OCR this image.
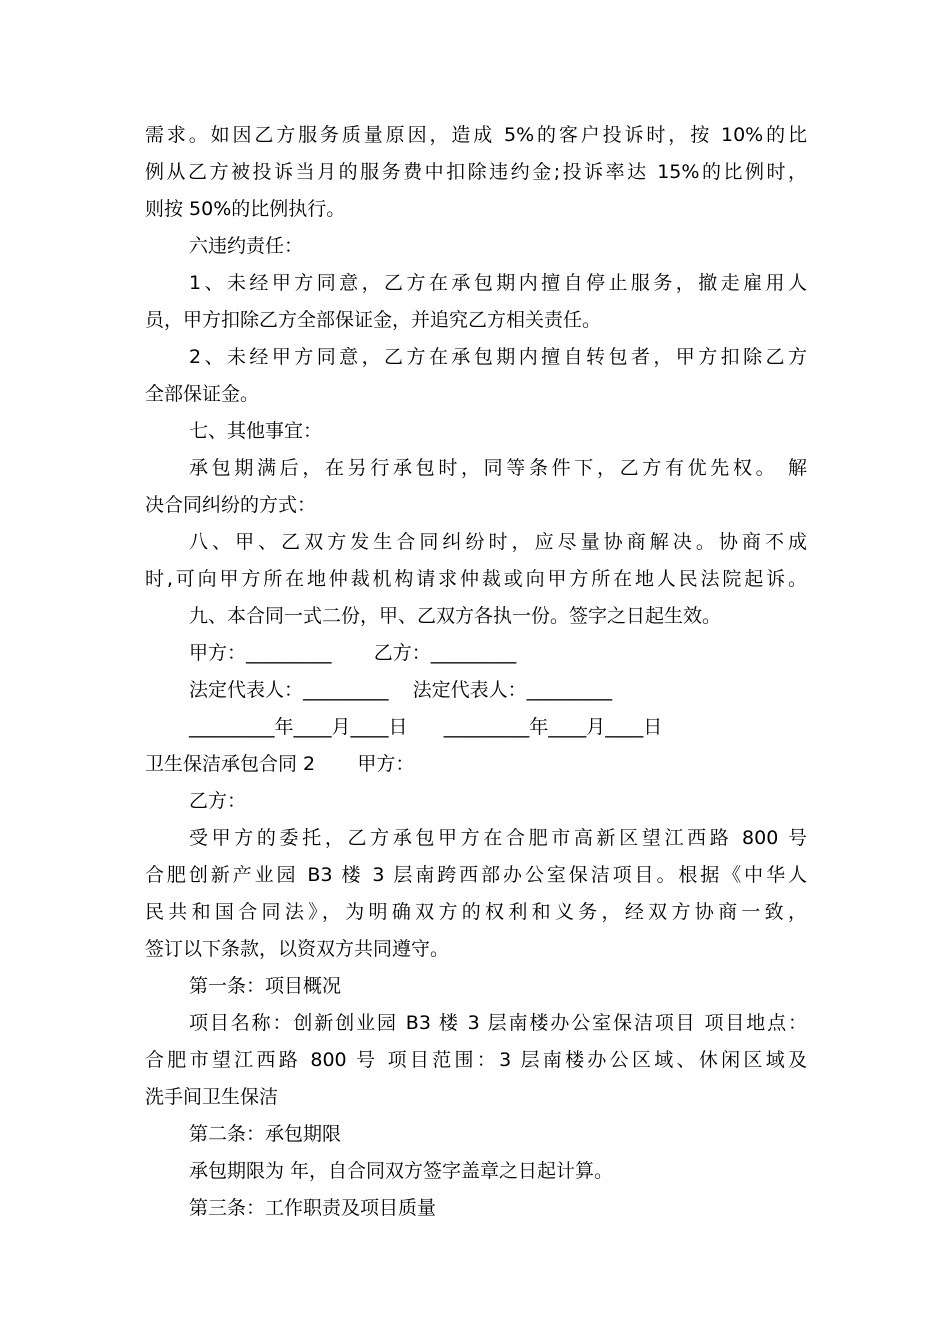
需求。如因乙方服务质量原因，造成 5%的客户投诉时，按 10%的比
例从乙方被投诉当月的服务费中扣除违约金;投诉率达 15%的比例时，
则按 50%的比例执行。
六违约责任：
1、未经甲方同意，乙方在承包期内擅自停止服务，撤走雇用人
员，甲方扣除乙方全部保证金，并追究乙方相关责任。
2、未经甲方同意，乙方在承包期内擅自转包者，甲方扣除乙方
全部保证金。
七、其他事宜：
承包期满后，在另行承包时，同等条件下，乙方有优先权。 解
决合同纠纷的方式：
八、甲、乙双方发生合同纠纷时，应尽量协商解决。协商不成
时,可向甲方所在地仲裁机构请求仲裁或向甲方所在地人民法院起诉。
九、本合同一式二份，甲、乙双方各执一份。签字之日起生效。
甲方：_________       乙方：_________
法定代表人：_________    法定代表人：_________
_________年____月____日      _________年____月____日
卫生保洁承包合同 2       甲方：
乙方：
受甲方的委托，乙方承包甲方在合肥市高新区望江西路 800 号
合肥创新产业园 B3 楼 3 层南跨西部办公室保洁项目。根据《中华人
民共和国合同法》，为明确双方的权利和义务，经双方协商一致，
签订以下条款，以资双方共同遵守。
第一条：项目概况
项目名称：创新创业园 B3 楼 3 层南楼办公室保洁项目 项目地点：
合肥市望江西路 800 号 项目范围：3 层南楼办公区域、休闲区域及
洗手间卫生保洁
第二条：承包期限
承包期限为 年，自合同双方签字盖章之日起计算。
第三条：工作职责及项目质量
